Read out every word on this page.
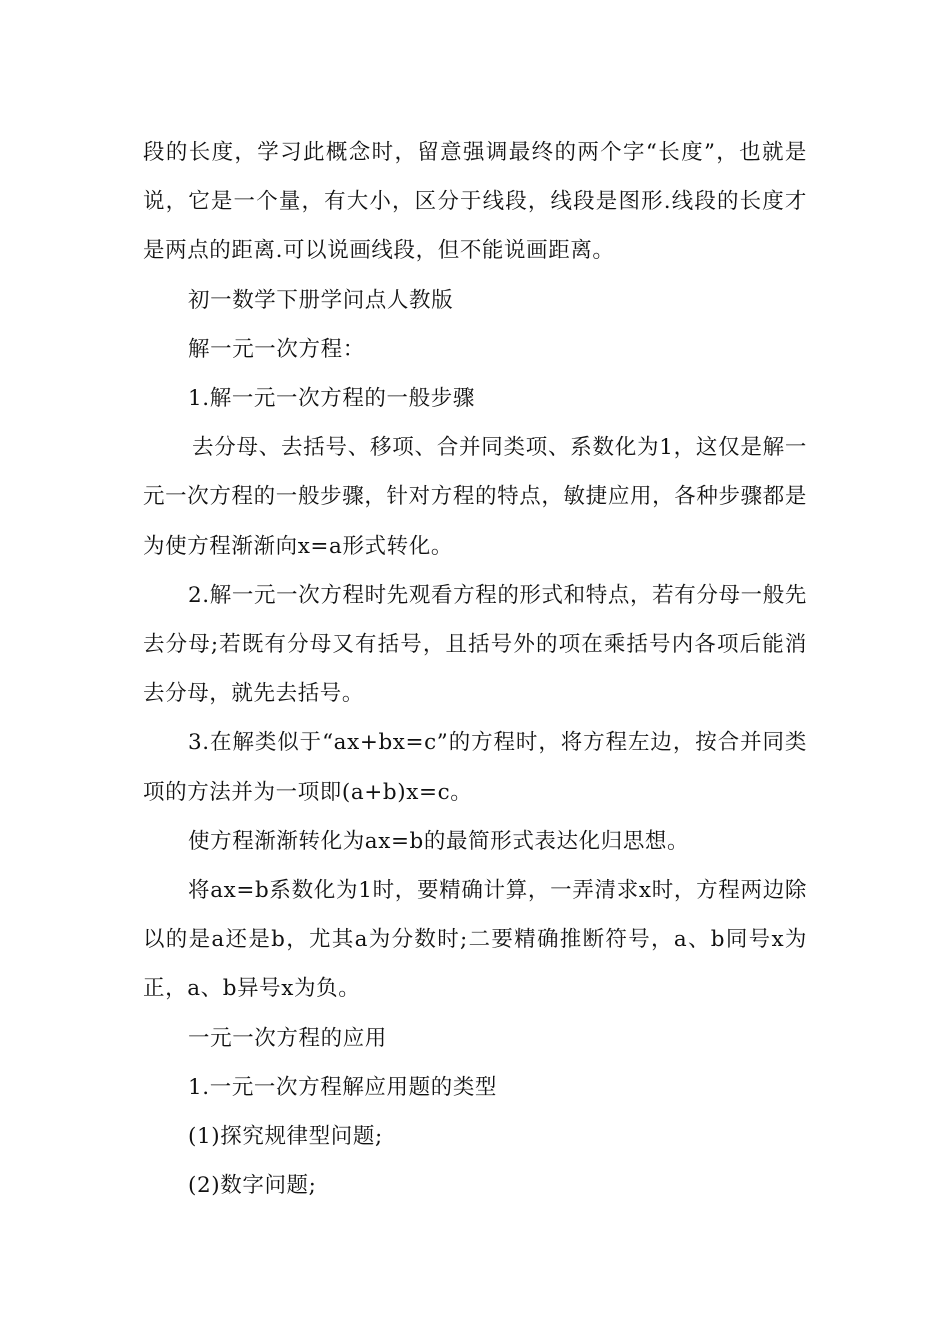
段的长度，学习此概念时，留意强调最终的两个字“长度”，也就是说，它是一个量，有大小，区分于线段，线段是图形.线段的长度才是两点的距离.可以说画线段，但不能说画距离。

初一数学下册学问点人教版

解一元一次方程：

1.解一元一次方程的一般步骤

去分母、去括号、移项、合并同类项、系数化为1，这仅是解一元一次方程的一般步骤，针对方程的特点，敏捷应用，各种步骤都是为使方程渐渐向x=a形式转化。

2.解一元一次方程时先观看方程的形式和特点，若有分母一般先去分母;若既有分母又有括号，且括号外的项在乘括号内各项后能消去分母，就先去括号。

3.在解类似于“ax+bx=c”的方程时，将方程左边，按合并同类项的方法并为一项即(a+b)x=c。

使方程渐渐转化为ax=b的最简形式表达化归思想。

将ax=b系数化为1时，要精确计算，一弄清求x时，方程两边除以的是a还是b，尤其a为分数时;二要精确推断符号，a、b同号x为正，a、b异号x为负。

一元一次方程的应用

1.一元一次方程解应用题的类型

(1)探究规律型问题;

(2)数字问题;
